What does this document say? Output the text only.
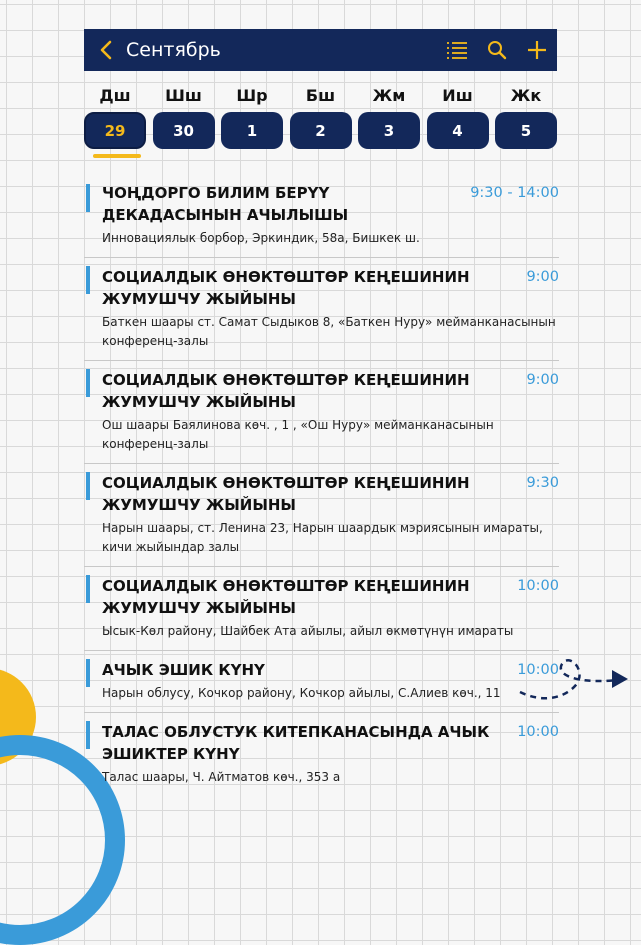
Сентябрь
Дш	Шш	Шр	Бш	Жм	Иш	Жк
29	30	1	2	3	4	5
ЧОҢДОРГО БИЛИМ БЕРҮҮ ДЕКАДАСЫНЫН АЧЫЛЫШЫ
9:30 - 14:00
Инновациялык борбор, Эркиндик, 58а, Бишкек ш.
СОЦИАЛДЫК ӨНӨКТӨШТӨР КЕҢЕШИНИН ЖУМУШЧУ ЖЫЙЫНЫ
9:00
Баткен шаары ст. Самат Сыдыков 8, «Баткен Нуру» мейманканасынын конференц-залы
СОЦИАЛДЫК ӨНӨКТӨШТӨР КЕҢЕШИНИН ЖУМУШЧУ ЖЫЙЫНЫ
9:00
Ош шаары Баялинова көч. , 1 , «Ош Нуру» мейманканасынын конференц-залы
СОЦИАЛДЫК ӨНӨКТӨШТӨР КЕҢЕШИНИН ЖУМУШЧУ ЖЫЙЫНЫ
9:30
Нарын шаары, ст. Ленина 23, Нарын шаардык мэриясынын имараты, кичи жыйындар залы
СОЦИАЛДЫК ӨНӨКТӨШТӨР КЕҢЕШИНИН ЖУМУШЧУ ЖЫЙЫНЫ
10:00
Ысык-Көл району, Шайбек Ата айылы, айыл өкмөтүнүн имараты
АЧЫК ЭШИК КҮНҮ	10:00
Нарын облусу, Кочкор району, Кочкор айылы, С.Алиев көч., 11
ТАЛАС ОБЛУСТУК КИТЕПКАНАСЫНДА АЧЫК ЭШИКТЕР КҮНҮ
10:00
Талас шаары, Ч. Айтматов көч., 353 а
